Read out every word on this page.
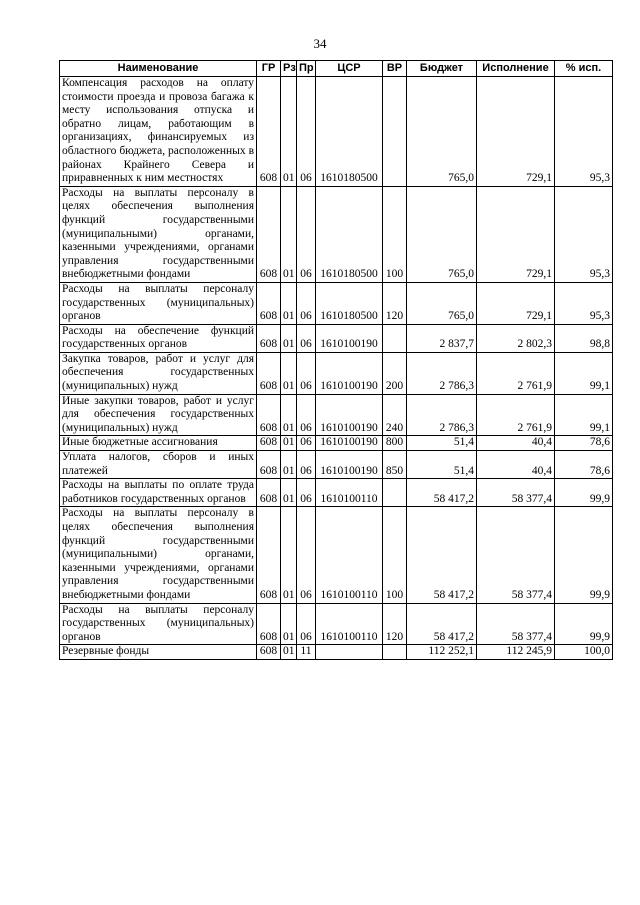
34
Наименование	ГР	Рз	Пр	ЦСР	ВР	Бюджет	Исполнение	% исп.
Компенсация расходов на оплату стоимости проезда и провоза багажа к месту использования отпуска и обратно лицам, работающим в организациях, финансируемых из областного бюджета, расположенных в районах Крайнего Севера и приравненных к ним местностях	608	01	06	1610180500		765,0	729,1	95,3
Расходы на выплаты персоналу в целях обеспечения выполнения функций государственными (муниципальными) органами, казенными учреждениями, органами управления государственными внебюджетными фондами	608	01	06	1610180500	100	765,0	729,1	95,3
Расходы на выплаты персоналу государственных (муниципальных) органов	608	01	06	1610180500	120	765,0	729,1	95,3
Расходы на обеспечение функций государственных органов	608	01	06	1610100190		2 837,7	2 802,3	98,8
Закупка товаров, работ и услуг для обеспечения государственных (муниципальных) нужд	608	01	06	1610100190	200	2 786,3	2 761,9	99,1
Иные закупки товаров, работ и услуг для обеспечения государственных (муниципальных) нужд	608	01	06	1610100190	240	2 786,3	2 761,9	99,1
Иные бюджетные ассигнования	608	01	06	1610100190	800	51,4	40,4	78,6
Уплата налогов, сборов и иных платежей	608	01	06	1610100190	850	51,4	40,4	78,6
Расходы на выплаты по оплате труда работников государственных органов	608	01	06	1610100110		58 417,2	58 377,4	99,9
Расходы на выплаты персоналу в целях обеспечения выполнения функций государственными (муниципальными) органами, казенными учреждениями, органами управления государственными внебюджетными фондами	608	01	06	1610100110	100	58 417,2	58 377,4	99,9
Расходы на выплаты персоналу государственных (муниципальных) органов	608	01	06	1610100110	120	58 417,2	58 377,4	99,9
Резервные фонды	608	01	11			112 252,1	112 245,9	100,0
